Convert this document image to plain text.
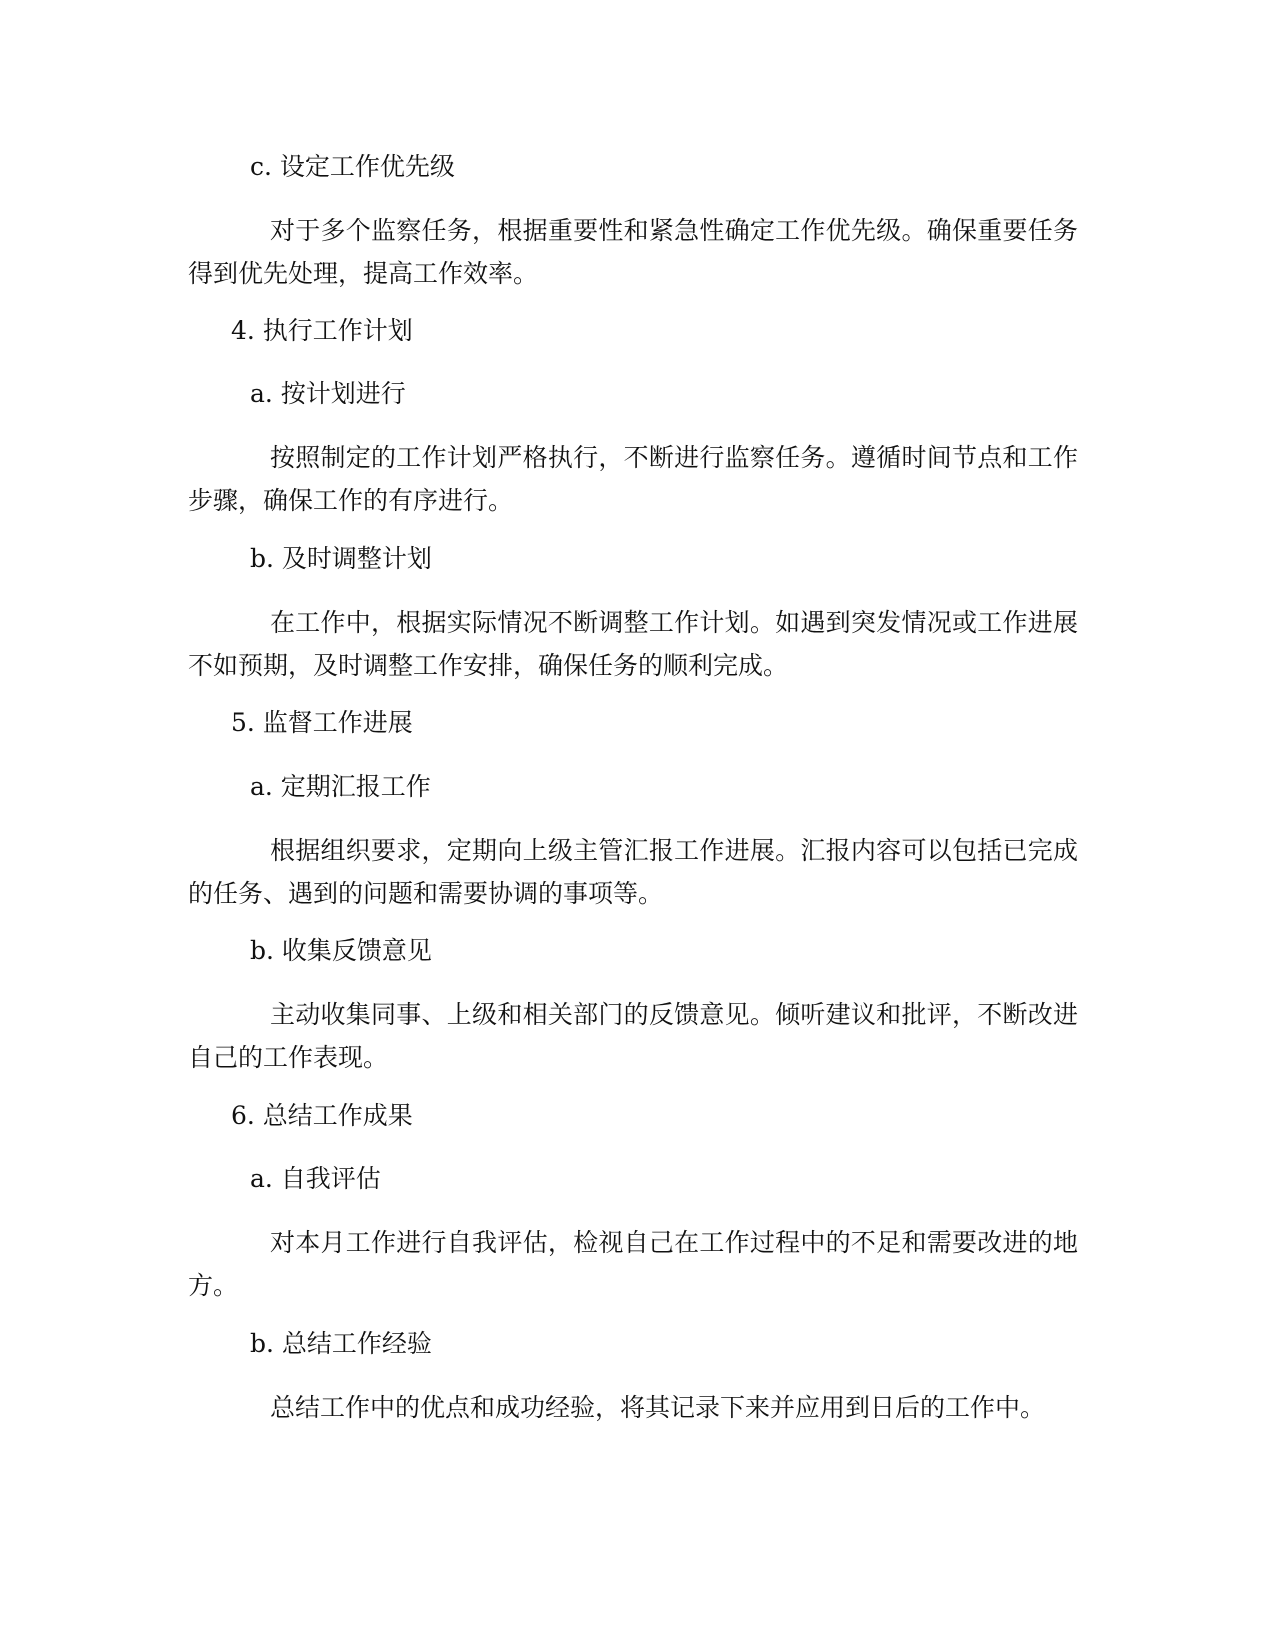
c. 设定工作优先级

对于多个监察任务，根据重要性和紧急性确定工作优先级。确保重要任务得到优先处理，提高工作效率。

4. 执行工作计划

a. 按计划进行

按照制定的工作计划严格执行，不断进行监察任务。遵循时间节点和工作步骤，确保工作的有序进行。

b. 及时调整计划

在工作中，根据实际情况不断调整工作计划。如遇到突发情况或工作进展不如预期，及时调整工作安排，确保任务的顺利完成。

5. 监督工作进展

a. 定期汇报工作

根据组织要求，定期向上级主管汇报工作进展。汇报内容可以包括已完成的任务、遇到的问题和需要协调的事项等。

b. 收集反馈意见

主动收集同事、上级和相关部门的反馈意见。倾听建议和批评，不断改进自己的工作表现。

6. 总结工作成果

a. 自我评估

对本月工作进行自我评估，检视自己在工作过程中的不足和需要改进的地方。

b. 总结工作经验

总结工作中的优点和成功经验，将其记录下来并应用到日后的工作中。
